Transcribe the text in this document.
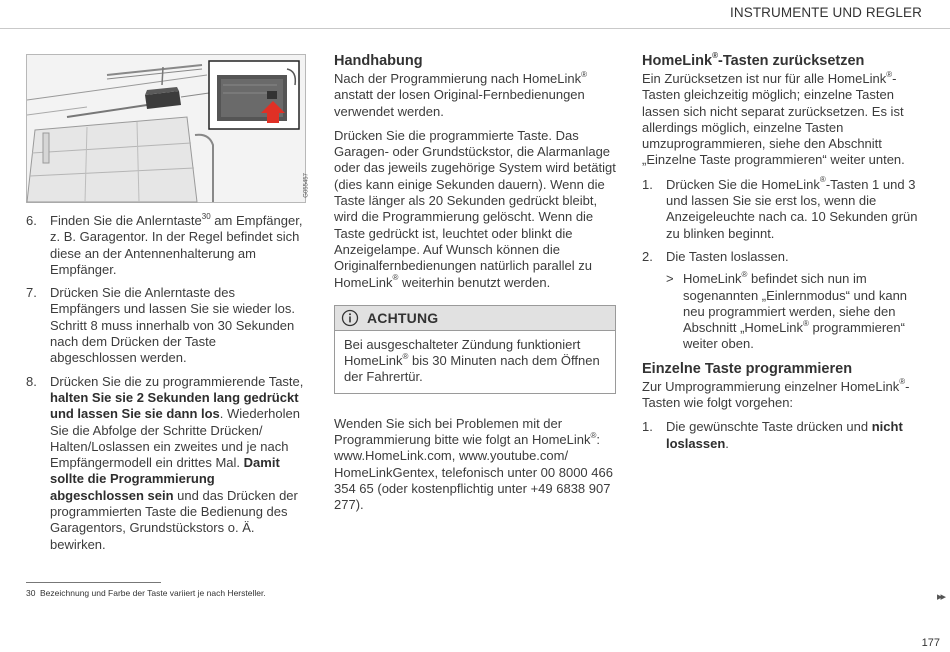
INSTRUMENTE UND REGLER
G055457
6. Finden Sie die Anlerntaste$^{30}$ am Empfänger, z. B. Garagentor. In der Regel befindet sich diese an der Antennenhalterung am Empfänger.
7. Drücken Sie die Anlerntaste des Empfängers und lassen Sie sie wieder los. Schritt 8 muss innerhalb von 30 Sekunden nach dem Drücken der Taste abgeschlossen werden.
8. Drücken Sie die zu programmierende Taste, halten Sie sie 2 Sekunden lang gedrückt und lassen Sie sie dann los. Wiederholen Sie die Abfolge der Schritte Drücken/ Halten/Loslassen ein zweites und je nach Empfängermodell ein drittes Mal. Damit sollte die Programmierung abgeschlossen sein und das Drücken der programmierten Taste die Bedienung des Garagentors, Grundstückstors o. Ä. bewirken.
Handhabung

Nach der Programmierung nach HomeLink® anstatt der losen Original-Fernbedienungen verwendet werden.

Drücken Sie die programmierte Taste. Das Garagen- oder Grundstückstor, die Alarmanlage oder das jeweils zugehörige System wird betätigt (dies kann einige Sekunden dauern). Wenn die Taste länger als 20 Sekunden gedrückt bleibt, wird die Programmierung gelöscht. Wenn die Taste gedrückt ist, leuchtet oder blinkt die Anzeigelampe. Auf Wunsch können die Originalfernbedienungen natürlich parallel zu HomeLink® weiterhin benutzt werden.

ACHTUNG
Bei ausgeschalteter Zündung funktioniert HomeLink® bis 30 Minuten nach dem Öffnen der Fahrertür.

Wenden Sie sich bei Problemen mit der Programmierung bitte wie folgt an HomeLink®: www.HomeLink.com, www.youtube.com/ HomeLinkGentex, telefonisch unter 00 8000 466 354 65 (oder kostenpflichtig unter +49 6838 907 277).

HomeLink®-Tasten zurücksetzen

Ein Zurücksetzen ist nur für alle HomeLink®-Tasten gleichzeitig möglich; einzelne Tasten lassen sich nicht separat zurücksetzen. Es ist allerdings möglich, einzelne Tasten umzuprogrammieren, siehe den Abschnitt „Einzelne Taste programmieren“ weiter unten.

1. Drücken Sie die HomeLink®-Tasten 1 und 3 und lassen Sie sie erst los, wenn die Anzeigeleuchte nach ca. 10 Sekunden grün zu blinken beginnt.
2. Die Tasten loslassen.
> HomeLink® befindet sich nun im sogenannten „Einlernmodus“ und kann neu programmiert werden, siehe den Abschnitt „HomeLink® programmieren“ weiter oben.
Einzelne Taste programmieren

Zur Umprogrammierung einzelner HomeLink®-Tasten wie folgt vorgehen:

1. Die gewünschte Taste drücken und nicht loslassen.
30 Bezeichnung und Farbe der Taste variiert je nach Hersteller.	▸▸
177
